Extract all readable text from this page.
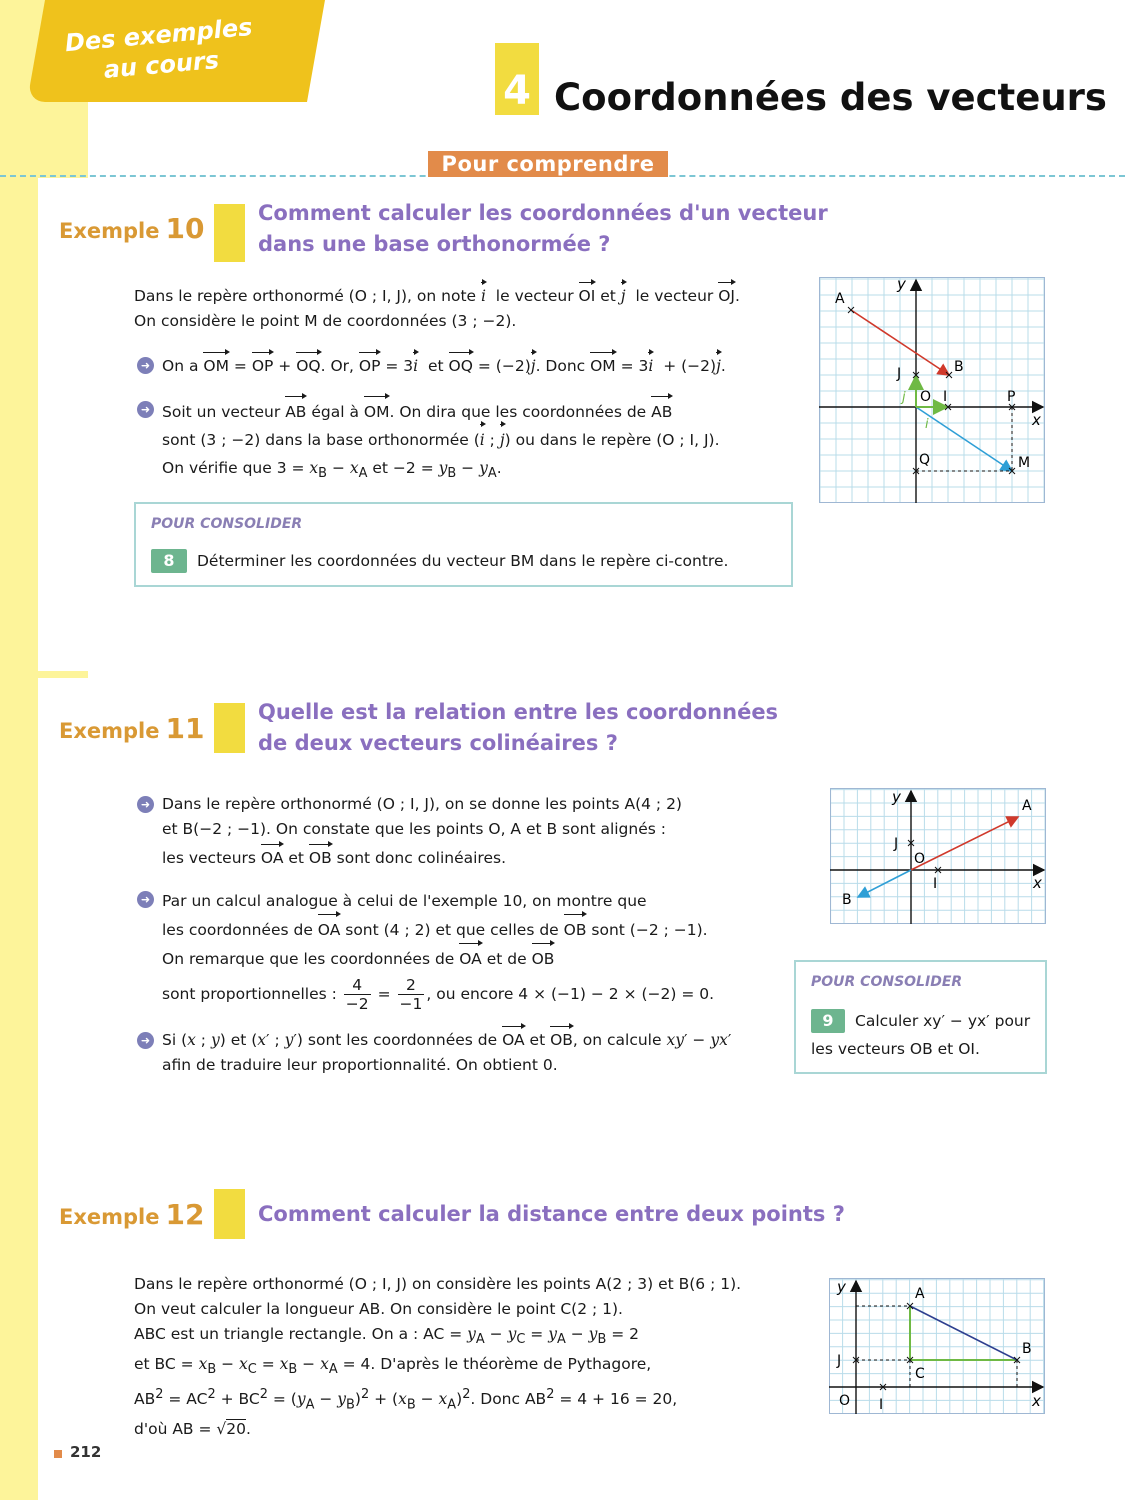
Des exemples
au cours
4 Coordonnées des vecteurs
Pour comprendre
Exemple 10	Comment calculer les coordonnées d'un vecteur
dans une base orthonormée ?

Dans le repère orthonormé (O ; I, J), on note i  le vecteur OI et j  le vecteur OJ.

On considère le point M de coordonnées (3 ; −2).

➜ On a OM = OP + OQ. Or, OP = 3i  et OQ = (−2)j. Donc OM = 3i  + (−2)j.

➜ Soit un vecteur AB égal à OM. On dira que les coordonnées de AB

sont (3 ; −2) dans la base orthonormée (i ; j) ou dans le repère (O ; I, J).

On vérifie que $3 = x_B - x_A$ et $-2 = y_B - y_A$.

POUR CONSOLIDER
8 Déterminer les coordonnées du vecteur BM dans le repère ci-contre.
A
B
J
I
O	P
M
Q
x
y
i
j
Exemple 11	Quelle est la relation entre les coordonnées
de deux vecteurs colinéaires ?
➜ Dans le repère orthonormé (O ; I, J), on se donne les points A(4 ; 2)

et B(−2 ; −1). On constate que les points O, A et B sont alignés :

les vecteurs OA et OB sont donc colinéaires.

➜ Par un calcul analogue à celui de l'exemple 10, on montre que

les coordonnées de OA sont (4 ; 2) et que celles de OB sont (−2 ; −1).

On remarque que les coordonnées de OA et de OB

sont proportionnelles : $\frac{4}{-2} = \frac{2}{-1}$ , ou encore 4 × (−1) − 2 × (−2) = 0.

➜ Si (x ; y) et (x′ ; y′) sont les coordonnées de OA et OB, on calcule xy′ − yx′

afin de traduire leur proportionnalité. On obtient 0.

A
B
J
I
O
x
y
POUR CONSOLIDER
9 Calculer xy′ − yx′ pour les vecteurs OB et OI.
Exemple 12	Comment calculer la distance entre deux points ?

Dans le repère orthonormé (O ; I, J) on considère les points A(2 ; 3) et B(6 ; 1).

On veut calculer la longueur AB. On considère le point C(2 ; 1).

ABC est un triangle rectangle. On a : AC = $y_A - y_C = y_A - y_B = 2$

et BC = $x_B - x_C = x_B - x_A = 4$. D'après le théorème de Pythagore,

$AB^2 = AC^2 + BC^2 = (y_A - y_B)^2 + (x_B - x_A)^2$. Donc $AB^2 = 4 + 16 = 20$,

d'où AB = √20.

A
B
C
J
I
O	x
y
212
